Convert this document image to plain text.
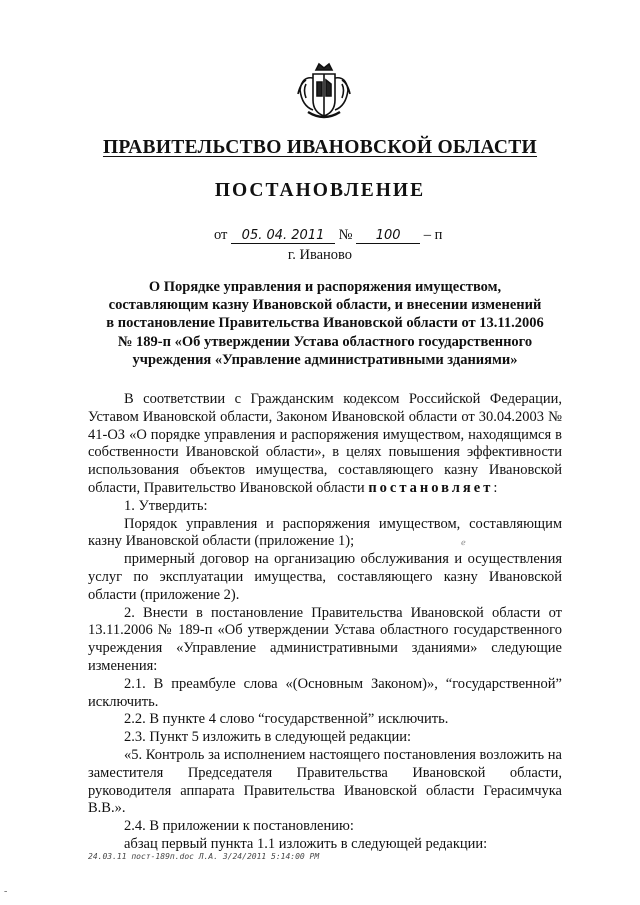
ПРАВИТЕЛЬСТВО ИВАНОВСКОЙ ОБЛАСТИ
ПОСТАНОВЛЕНИЕ
от 05. 04. 2011 № 100 – п
г. Иваново
О Порядке управления и распоряжения имуществом,
составляющим казну Ивановской области, и внесении изменений
в постановление Правительства Ивановской области от 13.11.2006
№ 189-п «Об утверждении Устава областного государственного
учреждения «Управление административными зданиями»

В соответствии с Гражданским кодексом Российской Федерации, Уставом Ивановской области, Законом Ивановской области от 30.04.2003 № 41-ОЗ «О порядке управления и распоряжения имуществом, находящимся в собственности Ивановской области», в целях повышения эффективности использования объектов имущества, составляющего казну Ивановской области, Правительство Ивановской области постановляет:

1. Утвердить:

Порядок управления и распоряжения имуществом, составляющим казну Ивановской области (приложение 1);

примерный договор на организацию обслуживания и осуществления услуг по эксплуатации имущества, составляющего казну Ивановской области (приложение 2).

2. Внести в постановление Правительства Ивановской области от 13.11.2006 № 189-п «Об утверждении Устава областного государственного учреждения «Управление административными зданиями» следующие изменения:

2.1. В преамбуле слова «(Основным Законом)», “государственной” исключить.

2.2. В пункте 4 слово “государственной” исключить.

2.3. Пункт 5 изложить в следующей редакции:

«5. Контроль за исполнением настоящего постановления возложить на заместителя Председателя Правительства Ивановской области, руководителя аппарата Правительства Ивановской области Герасимчука В.В.».

2.4. В приложении к постановлению:

абзац первый пункта 1.1 изложить в следующей редакции:

ℯ
24.03.11 пост-189п.doc Л.А. 3/24/2011 5:14:00 PM
-
